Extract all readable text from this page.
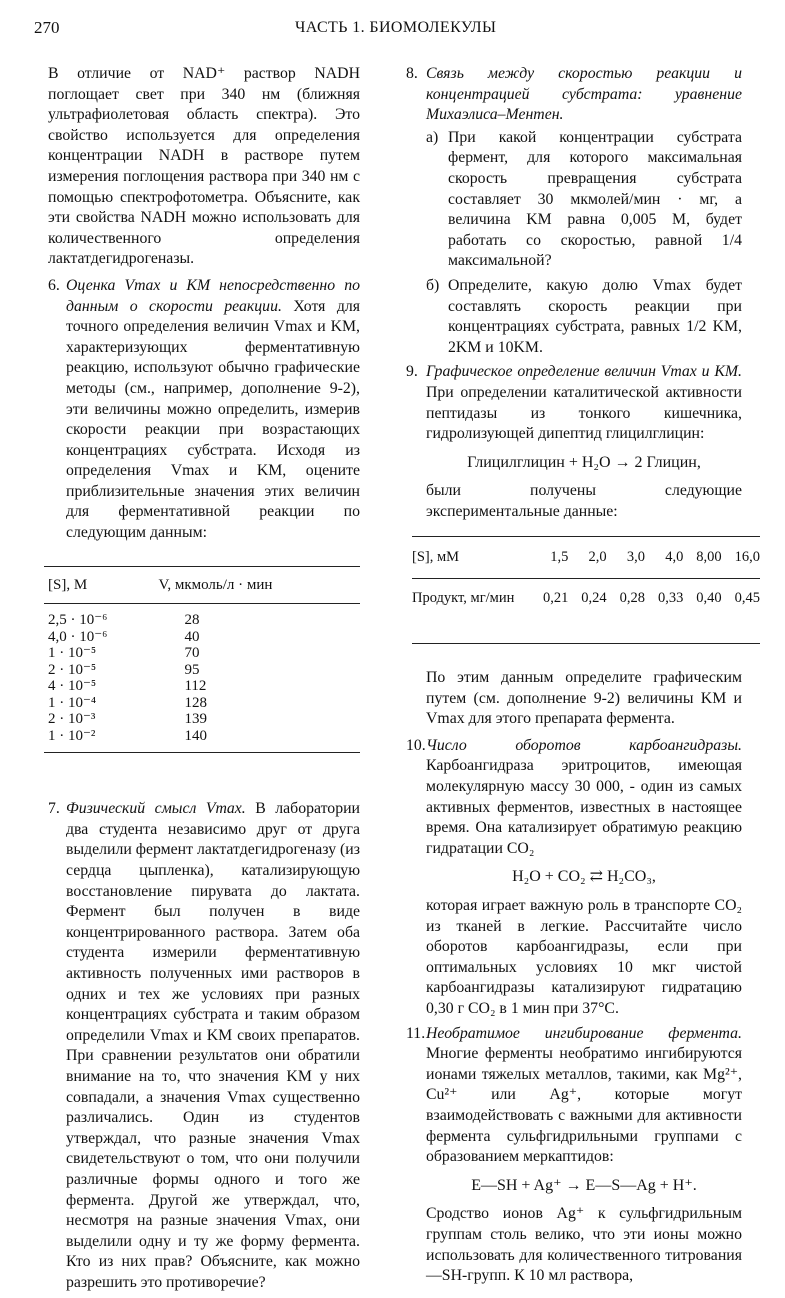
270	ЧАСТЬ 1. БИОМОЛЕКУЛЫ

В отличие от NAD⁺ раствор NADH поглощает свет при 340 нм (ближняя ультрафиолетовая область спектра). Это свойство используется для определения концентрации NADH в растворе путем измерения поглощения раствора при 340 нм с помощью спектрофотометра. Объясните, как эти свойства NADH можно использовать для количественного определения лактатдегидрогеназы.

6. Оценка Vmax и KM непосредственно по данным о скорости реакции. Хотя для точного определения величин Vmax и KM, характеризующих ферментативную реакцию, используют обычно графические методы (см., например, дополнение 9-2), эти величины можно определить, измерив скорости реакции при возрастающих концентрациях субстрата. Исходя из определения Vmax и KM, оцените приблизительные значения этих величин для ферментативной реакции по следующим данным:
[S], M	V, мкмоль/л · мин
2,5 · 10⁻⁶	28
4,0 · 10⁻⁶	40
1 · 10⁻⁵	70
2 · 10⁻⁵	95
4 · 10⁻⁵	112
1 · 10⁻⁴	128
2 · 10⁻³	139
1 · 10⁻²	140
7. Физический смысл Vmax. В лаборатории два студента независимо друг от друга выделили фермент лактатдегидрогеназу (из сердца цыпленка), катализирующую восстановление пирувата до лактата. Фермент был получен в виде концентрированного раствора. Затем оба студента измерили ферментативную активность полученных ими растворов в одних и тех же условиях при разных концентрациях субстрата и таким образом определили Vmax и KM своих препаратов. При сравнении результатов они обратили внимание на то, что значения KM у них совпадали, а значения Vmax существенно различались. Один из студентов утверждал, что разные значения Vmax свидетельствуют о том, что они получили различные формы одного и того же фермента. Другой же утверждал, что, несмотря на разные значения Vmax, они выделили одну и ту же форму фермента. Кто из них прав? Объясните, как можно разрешить это противоречие?
8. Связь между скоростью реакции и концентрацией субстрата: уравнение Михаэлиса–Ментен.
а) При какой концентрации субстрата фермент, для которого максимальная скорость превращения субстрата составляет 30 мкмолей/мин · мг, а величина KM равна 0,005 М, будет работать со скоростью, равной 1/4 максимальной?
б) Определите, какую долю Vmax будет составлять скорость реакции при концентрациях субстрата, равных 1/2 KM, 2KM и 10KM.
9. Графическое определение величин Vmax и KM. При определении каталитической активности пептидазы из тонкого кишечника, гидролизующей дипептид глицилглицин:
Глицилглицин + H₂O → 2 Глицин,
были получены следующие экспериментальные данные:
[S], мМ	1,5	2,0	3,0	4,0	8,00	16,0
Продукт, мг/мин	0,21	0,24	0,28	0,33	0,40	0,45

По этим данным определите графическим путем (см. дополнение 9-2) величины KM и Vmax для этого препарата фермента.

10. Число оборотов карбоангидразы. Карбоангидраза эритроцитов, имеющая молекулярную массу 30 000, - один из самых активных ферментов, известных в настоящее время. Она катализирует обратимую реакцию гидратации CO₂
H₂O + CO₂ ⇄ H₂CO₃,
которая играет важную роль в транспорте CO₂ из тканей в легкие. Рассчитайте число оборотов карбоангидразы, если при оптимальных условиях 10 мкг чистой карбоангидразы катализируют гидратацию 0,30 г CO₂ в 1 мин при 37°С.
11. Необратимое ингибирование фермента. Многие ферменты необратимо ингибируются ионами тяжелых металлов, такими, как Mg²⁺, Cu²⁺ или Ag⁺, которые могут взаимодействовать с важными для активности фермента сульфгидрильными группами с образованием меркаптидов:
E—SH + Ag⁺ → E—S—Ag + H⁺.
Сродство ионов Ag⁺ к сульфгидрильным группам столь велико, что эти ионы можно использовать для количественного титрования —SH-групп. К 10 мл раствора,
